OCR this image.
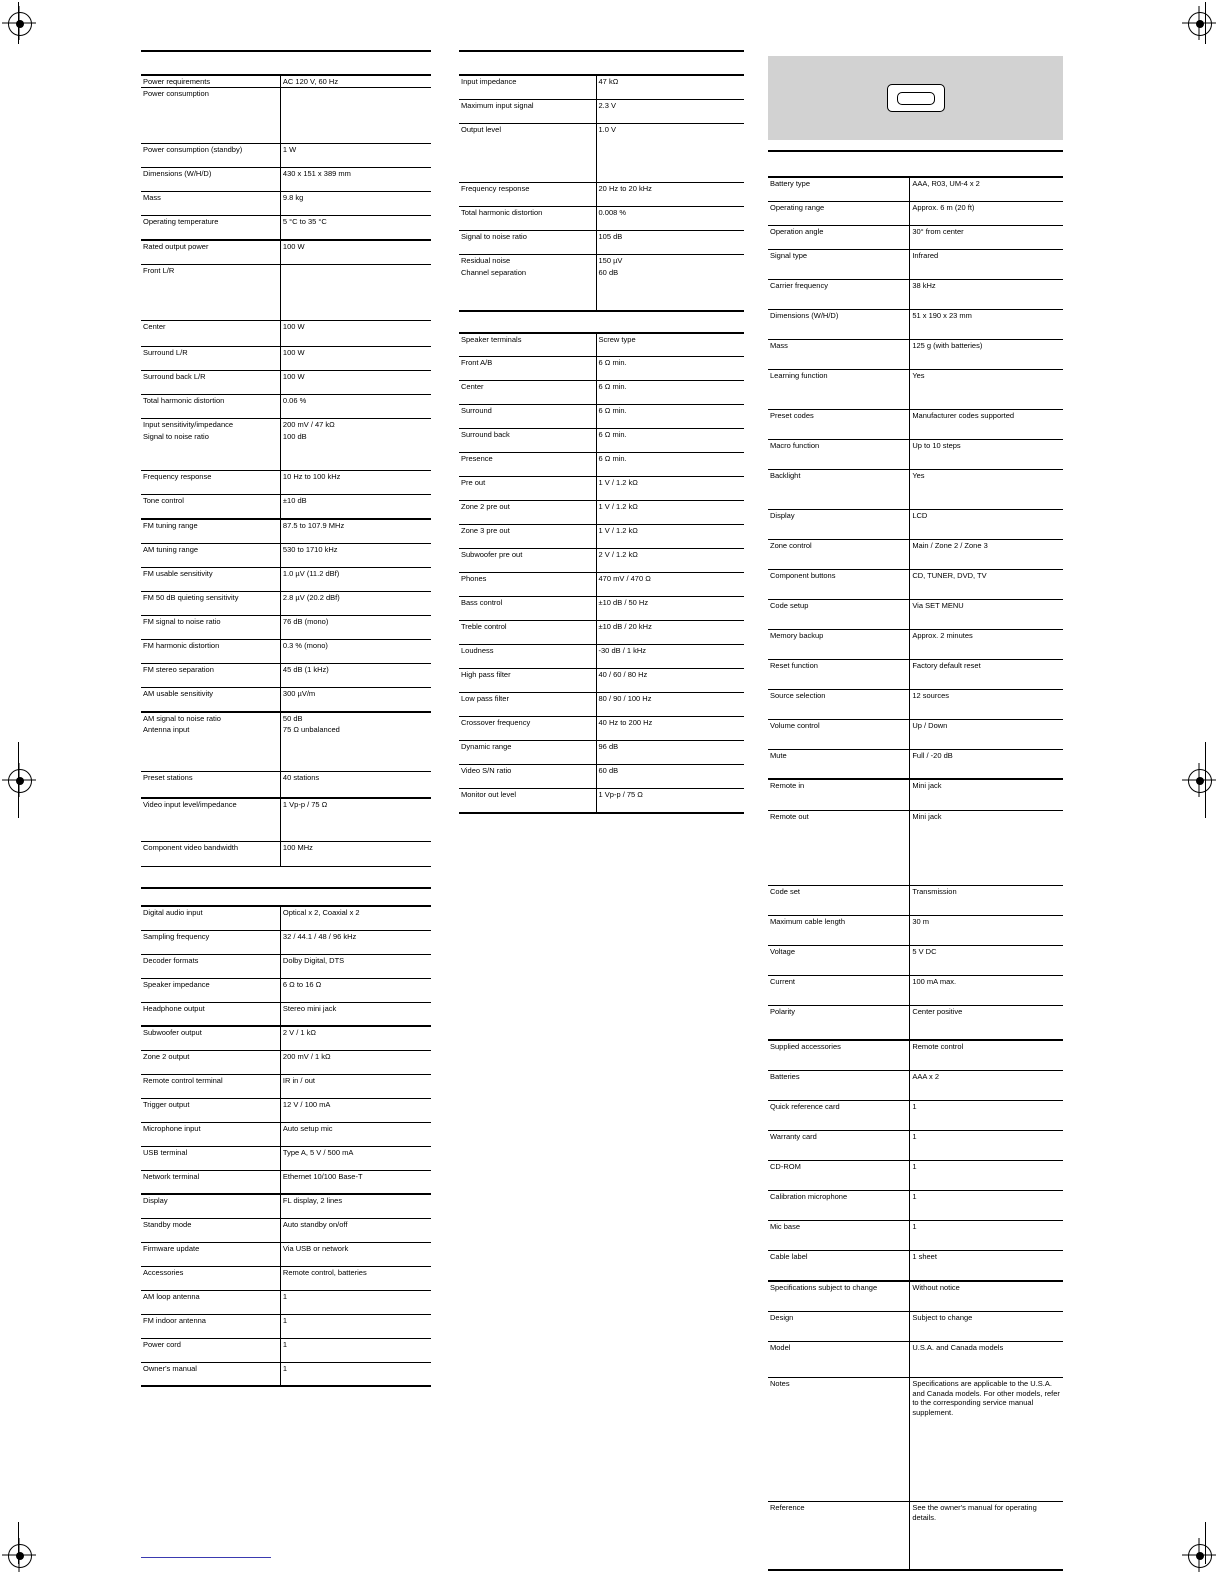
Power requirements	AC 120 V, 60 Hz
Power consumption	

Power consumption (standby)	1 W
Dimensions (W/H/D)	430 x 151 x 389 mm
Mass	9.8 kg
Operating temperature	5 °C to 35 °C
Rated output power	100 W
Front L/R	

Center	100 W
Surround L/R	100 W
Surround back L/R	100 W
Total harmonic distortion	0.06 %
Input sensitivity/impedance	200 mV / 47 kΩ
Signal to noise ratio	100 dB
Frequency response	10 Hz to 100 kHz
Tone control	±10 dB
FM tuning range	87.5 to 107.9 MHz
AM tuning range	530 to 1710 kHz
FM usable sensitivity	1.0 µV (11.2 dBf)
FM 50 dB quieting sensitivity	2.8 µV (20.2 dBf)
FM signal to noise ratio	76 dB (mono)
FM harmonic distortion	0.3 % (mono)
FM stereo separation	45 dB (1 kHz)
AM usable sensitivity	300 µV/m
AM signal to noise ratio	50 dB
Antenna input	75 Ω unbalanced
Preset stations	40 stations
Video input level/impedance	1 Vp-p / 75 Ω
Component video bandwidth	100 MHz

Digital audio input	Optical x 2, Coaxial x 2
Sampling frequency	32 / 44.1 / 48 / 96 kHz
Decoder formats	Dolby Digital, DTS
Speaker impedance	6 Ω to 16 Ω
Headphone output	Stereo mini jack
Subwoofer output	2 V / 1 kΩ
Zone 2 output	200 mV / 1 kΩ
Remote control terminal	IR in / out
Trigger output	12 V / 100 mA
Microphone input	Auto setup mic
USB terminal	Type A, 5 V / 500 mA
Network terminal	Ethernet 10/100 Base-T
Display	FL display, 2 lines
Standby mode	Auto standby on/off
Firmware update	Via USB or network
Accessories	Remote control, batteries
AM loop antenna	1
FM indoor antenna	1
Power cord	1
Owner's manual	1
Input impedance	47 kΩ
Maximum input signal	2.3 V
Output level	1.0 V

Frequency response	20 Hz to 20 kHz
Total harmonic distortion	0.008 %
Signal to noise ratio	105 dB
Residual noise	150 µV
Channel separation	60 dB
Speaker terminals	Screw type
Front A/B	6 Ω min.
Center	6 Ω min.
Surround	6 Ω min.
Surround back	6 Ω min.
Presence	6 Ω min.
Pre out	1 V / 1.2 kΩ
Zone 2 pre out	1 V / 1.2 kΩ
Zone 3 pre out	1 V / 1.2 kΩ
Subwoofer pre out	2 V / 1.2 kΩ
Phones	470 mV / 470 Ω
Bass control	±10 dB / 50 Hz
Treble control	±10 dB / 20 kHz
Loudness	-30 dB / 1 kHz
High pass filter	40 / 60 / 80 Hz
Low pass filter	80 / 90 / 100 Hz
Crossover frequency	40 Hz to 200 Hz
Dynamic range	96 dB
Video S/N ratio	60 dB
Monitor out level	1 Vp-p / 75 Ω
Battery type	AAA, R03, UM-4 x 2
Operating range	Approx. 6 m (20 ft)
Operation angle	30° from center
Signal type	Infrared
Carrier frequency	38 kHz
Dimensions (W/H/D)	51 x 190 x 23 mm
Mass	125 g (with batteries)
Learning function	Yes
Preset codes	Manufacturer codes supported
Macro function	Up to 10 steps
Backlight	Yes
Display	LCD
Zone control	Main / Zone 2 / Zone 3
Component buttons	CD, TUNER, DVD, TV
Code setup	Via SET MENU
Memory backup	Approx. 2 minutes
Reset function	Factory default reset
Source selection	12 sources
Volume control	Up / Down
Mute	Full / -20 dB
Remote in	Mini jack
Remote out	Mini jack

Code set	Transmission
Maximum cable length	30 m
Voltage	5 V DC
Current	100 mA max.
Polarity	Center positive
Supplied accessories	Remote control
Batteries	AAA x 2
Quick reference card	1
Warranty card	1
CD-ROM	1
Calibration microphone	1
Mic base	1
Cable label	1 sheet
Specifications subject to change	Without notice
Design	Subject to change
Model	U.S.A. and Canada models
Notes	Specifications are applicable to the U.S.A. and Canada models. For other models, refer to the corresponding service manual supplement.
Reference	See the owner's manual for operating details.
